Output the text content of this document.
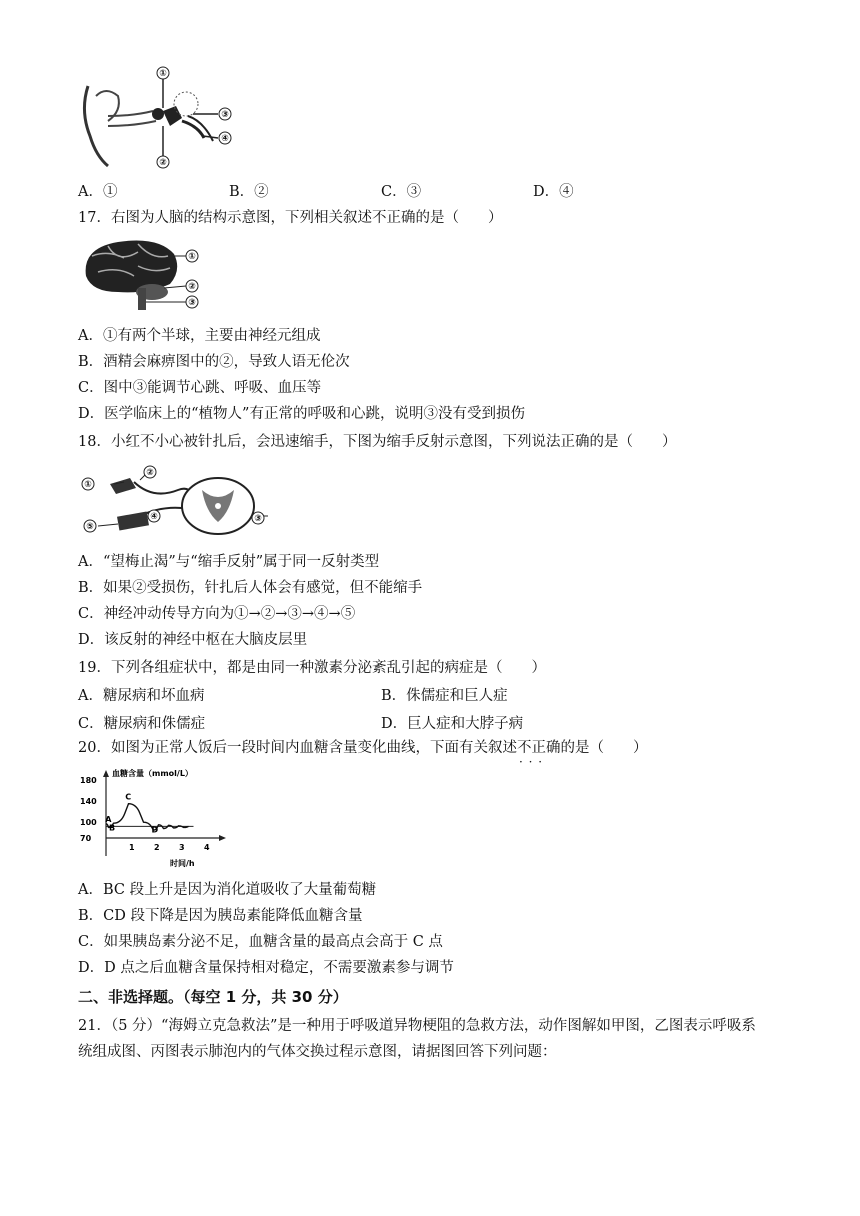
①
②
③
④
A．①	B．②	C．③	D．④
17．右图为人脑的结构示意图，下列相关叙述不正确的是（　　）
①
②
③
A．①有两个半球，主要由神经元组成
B．酒精会麻痹图中的②，导致人语无伦次
C．图中③能调节心跳、呼吸、血压等
D．医学临床上的“植物人”有正常的呼吸和心跳，说明③没有受到损伤
18．小红不小心被针扎后，会迅速缩手，下图为缩手反射示意图，下列说法正确的是（　　）
①
②
③
④
⑤
A．“望梅止渴”与“缩手反射”属于同一反射类型
B．如果②受损伤，针扎后人体会有感觉，但不能缩手
C．神经冲动传导方向为①→②→③→④→⑤
D．该反射的神经中枢在大脑皮层里
19．下列各组症状中，都是由同一种激素分泌紊乱引起的病症是（　　）
A．糖尿病和坏血病	B．侏儒症和巨人症
C．糖尿病和侏儒症	D．巨人症和大脖子病
20．如图为正常人饭后一段时间内血糖含量变化曲线，下面有关叙述不正确 · · ·的是（　　）
血糖含量（mmol/L）
时间/h
180
140
100
70
1 2 3 4
A
B
C
D
A．BC 段上升是因为消化道吸收了大量葡萄糖
B．CD 段下降是因为胰岛素能降低血糖含量
C．如果胰岛素分泌不足，血糖含量的最高点会高于 C 点
D．D 点之后血糖含量保持相对稳定，不需要激素参与调节
二、非选择题。（每空 1 分，共 30 分）
21．（5 分）“海姆立克急救法”是一种用于呼吸道异物梗阻的急救方法，动作图解如甲图，乙图表示呼吸系
统组成图、丙图表示肺泡内的气体交换过程示意图，请据图回答下列问题：
